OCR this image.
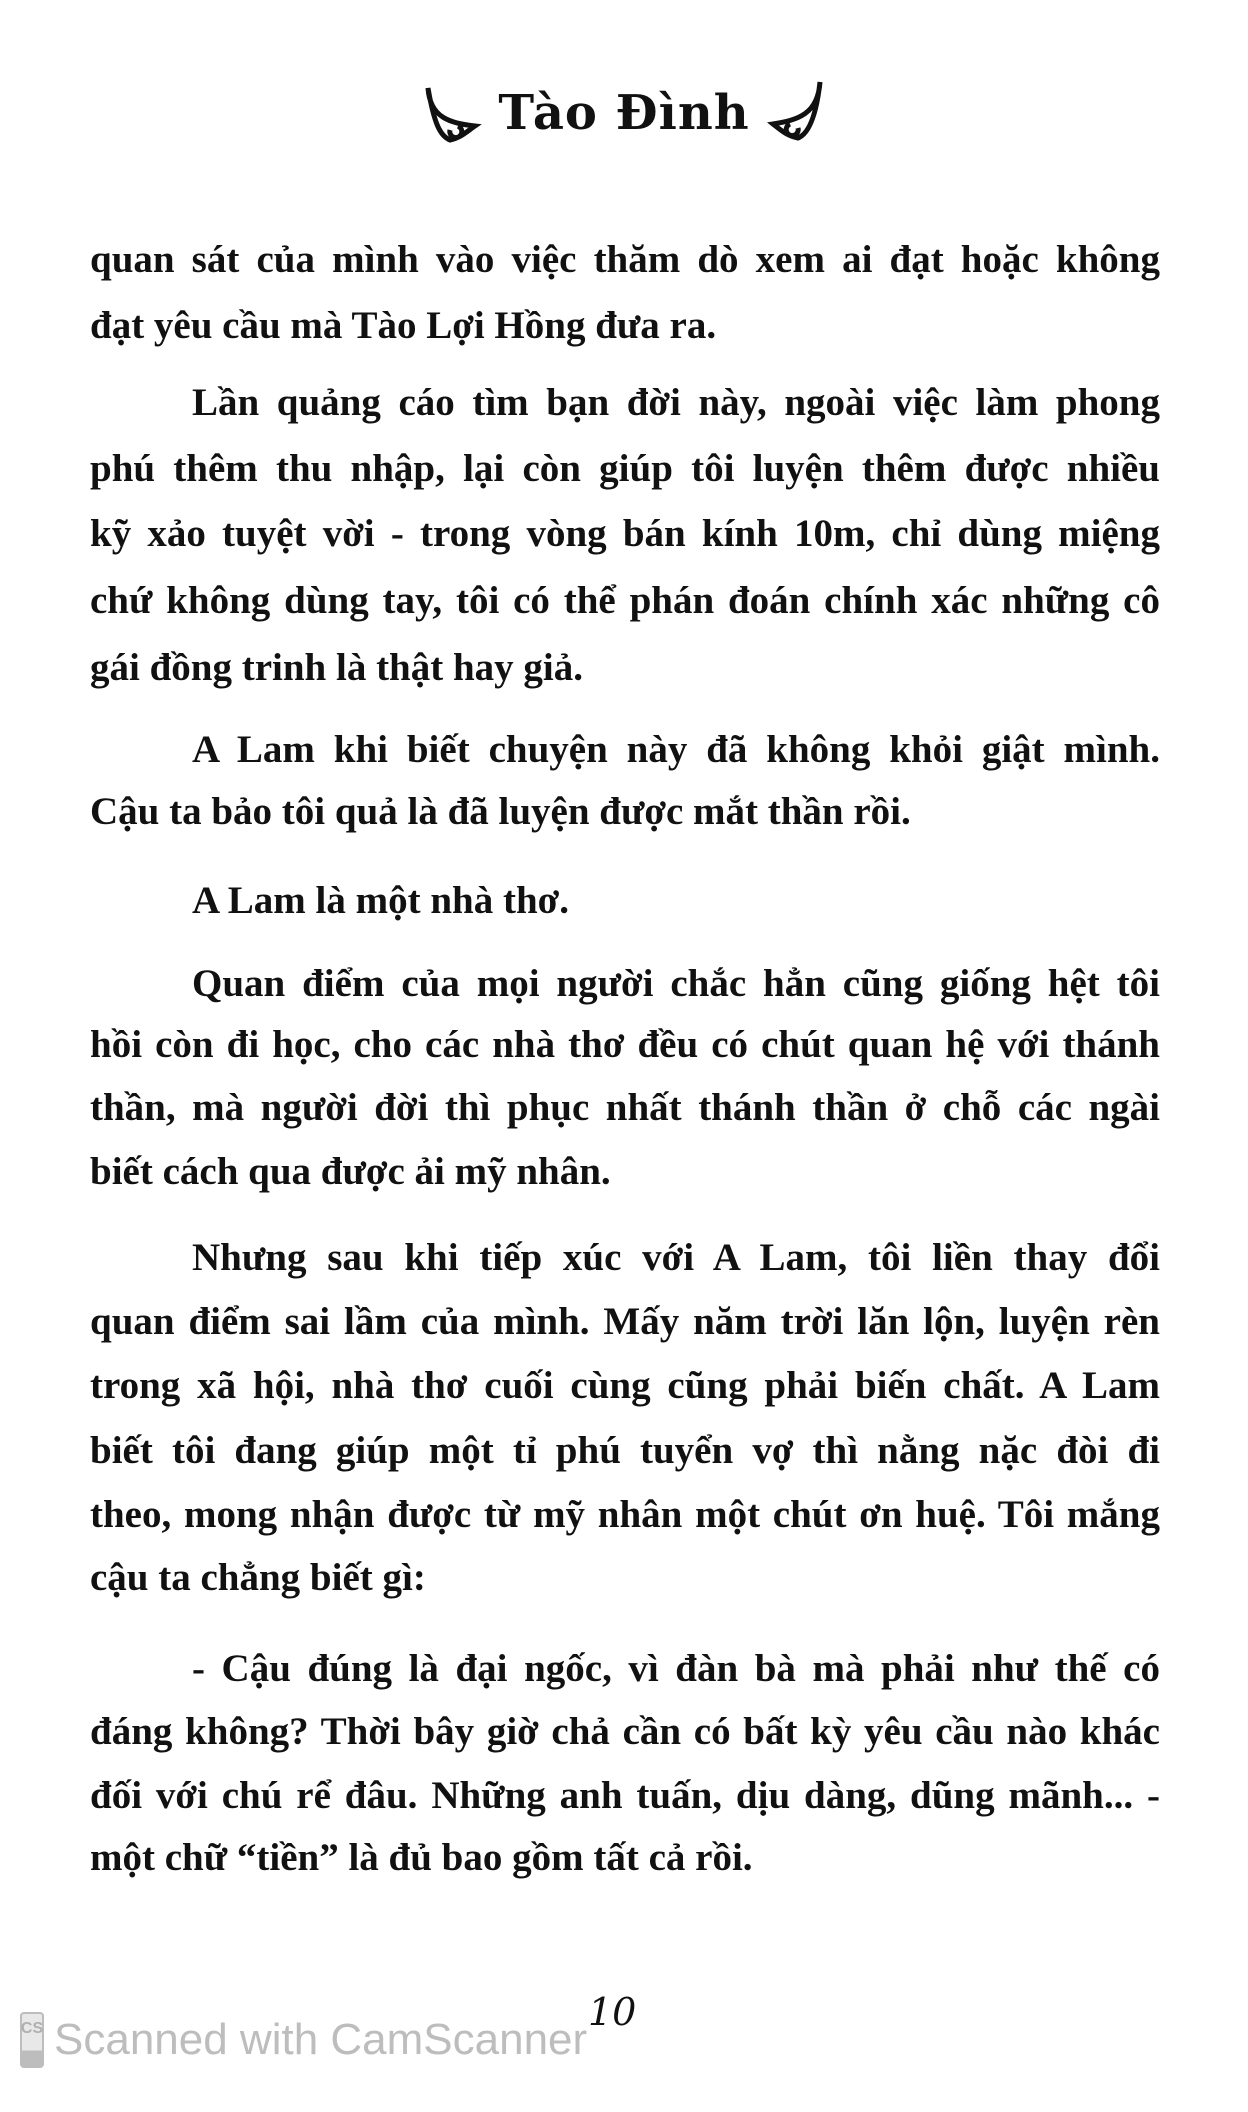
Tào Đình
quan sát của mình vào việc thăm dò xem ai đạt hoặc không
đạt yêu cầu mà Tào Lợi Hồng đưa ra.
Lần quảng cáo tìm bạn đời này, ngoài việc làm phong
phú thêm thu nhập, lại còn giúp tôi luyện thêm được nhiều
kỹ xảo tuyệt vời - trong vòng bán kính 10m, chỉ dùng miệng
chứ không dùng tay, tôi có thể phán đoán chính xác những cô
gái đồng trinh là thật hay giả.
A Lam khi biết chuyện này đã không khỏi giật mình.
Cậu ta bảo tôi quả là đã luyện được mắt thần rồi.
A Lam là một nhà thơ.
Quan điểm của mọi người chắc hẳn cũng giống hệt tôi
hồi còn đi học, cho các nhà thơ đều có chút quan hệ với thánh
thần, mà người đời thì phục nhất thánh thần ở chỗ các ngài
biết cách qua được ải mỹ nhân.
Nhưng sau khi tiếp xúc với A Lam, tôi liền thay đổi
quan điểm sai lầm của mình. Mấy năm trời lăn lộn, luyện rèn
trong xã hội, nhà thơ cuối cùng cũng phải biến chất. A Lam
biết tôi đang giúp một tỉ phú tuyển vợ thì nằng nặc đòi đi
theo, mong nhận được từ mỹ nhân một chút ơn huệ. Tôi mắng
cậu ta chẳng biết gì:
- Cậu đúng là đại ngốc, vì đàn bà mà phải như thế có
đáng không? Thời bây giờ chả cần có bất kỳ yêu cầu nào khác
đối với chú rể đâu. Những anh tuấn, dịu dàng, dũng mãnh... -
một chữ “tiền” là đủ bao gồm tất cả rồi.
10
CS Scanned with CamScanner
